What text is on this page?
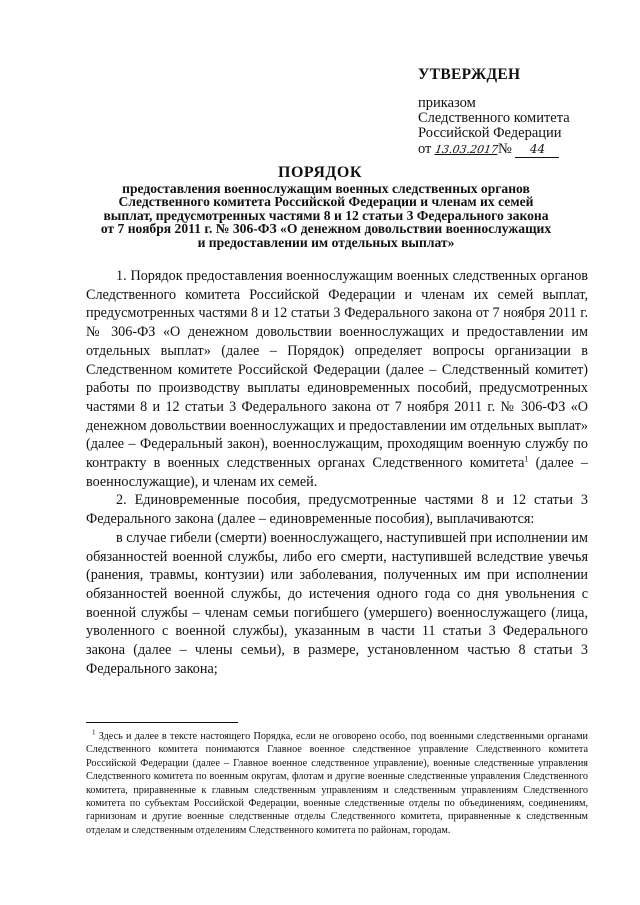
УТВЕРЖДЕН
приказом
Следственного комитета
Российской Федерации
от 13.03.2017№ 44
ПОРЯДОК
предоставления военнослужащим военных следственных органов Следственного комитета Российской Федерации и членам их семей выплат, предусмотренных частями 8 и 12 статьи 3 Федерального закона от 7 ноября 2011 г. № 306-ФЗ «О денежном довольствии военнослужащих и предоставлении им отдельных выплат»

1. Порядок предоставления военнослужащим военных следственных органов Следственного комитета Российской Федерации и членам их семей выплат, предусмотренных частями 8 и 12 статьи 3 Федерального закона от 7 ноября 2011 г. № 306-ФЗ «О денежном довольствии военнослужащих и предоставлении им отдельных выплат» (далее – Порядок) определяет вопросы организации в Следственном комитете Российской Федерации (далее – Следственный комитет) работы по производству выплаты единовременных пособий, предусмотренных частями 8 и 12 статьи 3 Федерального закона от 7 ноября 2011 г. № 306-ФЗ «О денежном довольствии военнослужащих и предоставлении им отдельных выплат» (далее – Федеральный закон), военнослужащим, проходящим военную службу по контракту в военных следственных органах Следственного комитета$^1$ (далее – военнослужащие), и членам их семей.

2. Единовременные пособия, предусмотренные частями 8 и 12 статьи 3 Федерального закона (далее – единовременные пособия), выплачиваются:

в случае гибели (смерти) военнослужащего, наступившей при исполнении им обязанностей военной службы, либо его смерти, наступившей вследствие увечья (ранения, травмы, контузии) или заболевания, полученных им при исполнении обязанностей военной службы, до истечения одного года со дня увольнения с военной службы – членам семьи погибшего (умершего) военнослужащего (лица, уволенного с военной службы), указанным в части 11 статьи 3 Федерального закона (далее – члены семьи), в размере, установленном частью 8 статьи 3 Федерального закона;

$^1$ Здесь и далее в тексте настоящего Порядка, если не оговорено особо, под военными следственными органами Следственного комитета понимаются Главное военное следственное управление Следственного комитета Российской Федерации (далее – Главное военное следственное управление), военные следственные управления Следственного комитета по военным округам, флотам и другие военные следственные управления Следственного комитета, приравненные к главным следственным управлениям и следственным управлениям Следственного комитета по субъектам Российской Федерации, военные следственные отделы по объединениям, соединениям, гарнизонам и другие военные следственные отделы Следственного комитета, приравненные к следственным отделам и следственным отделениям Следственного комитета по районам, городам.
